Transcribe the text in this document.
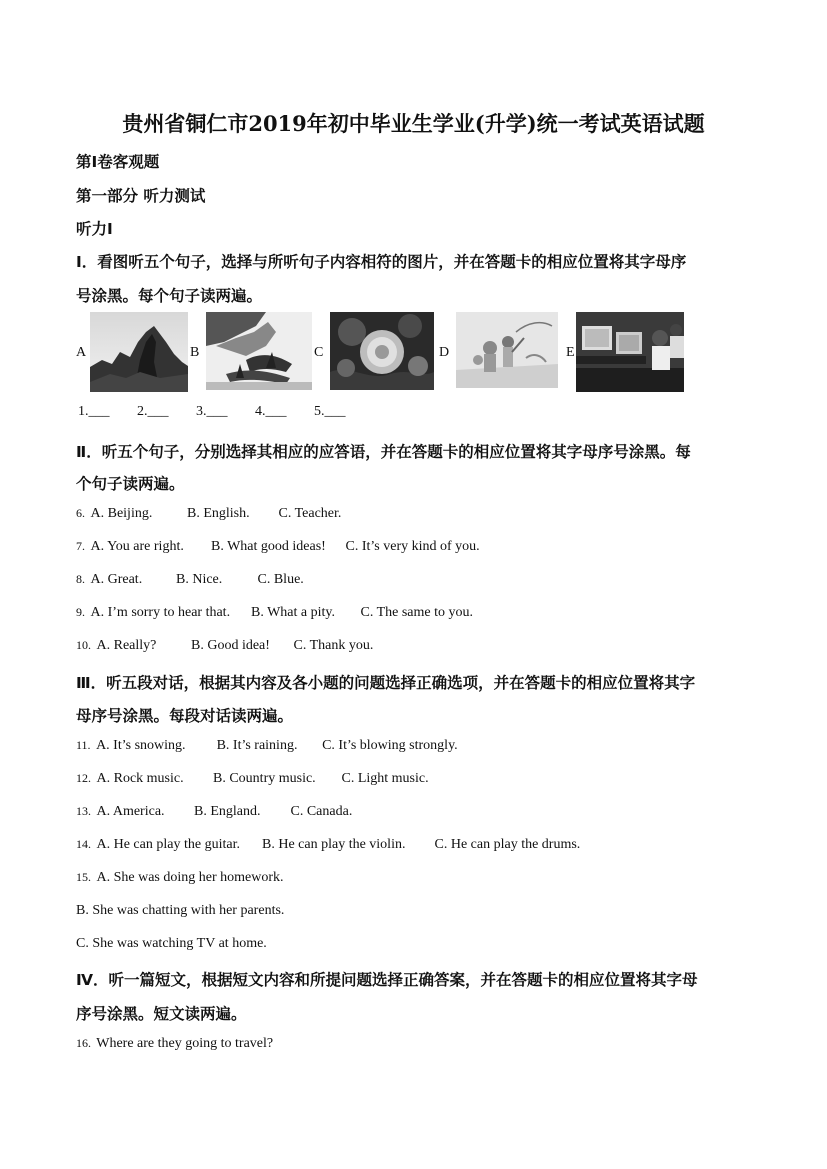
贵州省铜仁市2019年初中毕业生学业(升学)统一考试英语试题
第Ⅰ卷客观题
第一部分 听力测试
听力Ⅰ
Ⅰ．看图听五个句子，选择与所听句子内容相符的图片，并在答题卡的相应位置将其字母序
号涂黑。每个句子读两遍。
A	B	C	D	E
1.___ 2.___ 3.___ 4.___ 5.___
Ⅱ．听五个句子，分别选择其相应的应答语，并在答题卡的相应位置将其字母序号涂黑。每
个句子读两遍。
6. A. Beijing. B. English. C. Teacher.
7. A. You are right. B. What good ideas! C. It’s very kind of you.
8. A. Great. B. Nice.	C. Blue.
9. A. I’m sorry to hear that. B. What a pity. C. The same to you.
10. A. Really? B. Good idea! C. Thank you.
Ⅲ．听五段对话，根据其内容及各小题的问题选择正确选项，并在答题卡的相应位置将其字
母序号涂黑。每段对话读两遍。
11. A. It’s snowing. B. It’s raining. C. It’s blowing strongly.
12. A. Rock music. B. Country music. C. Light music.
13. A. America. B. England. C. Canada.
14. A. He can play the guitar. B. He can play the violin. C. He can play the drums.
15. A. She was doing her homework.
B. She was chatting with her parents.
C. She was watching TV at home.
Ⅳ．听一篇短文，根据短文内容和所提问题选择正确答案，并在答题卡的相应位置将其字母
序号涂黑。短文读两遍。
16. Where are they going to travel?
